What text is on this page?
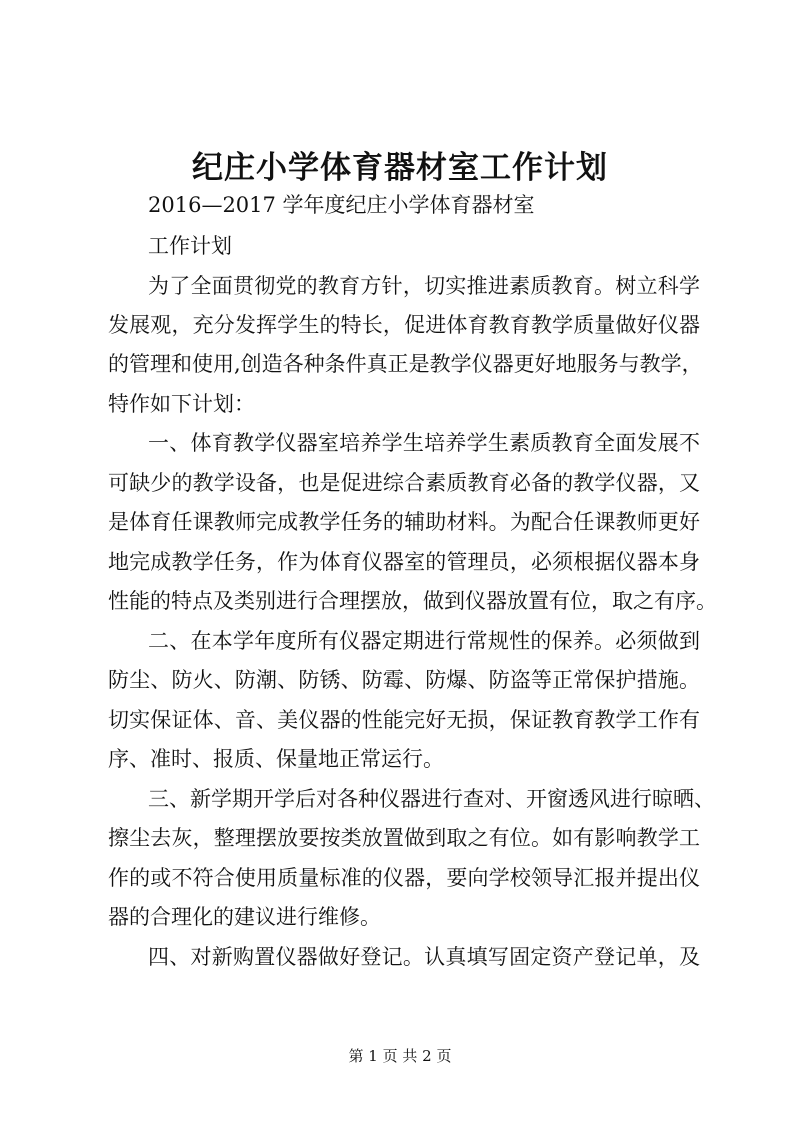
纪庄小学体育器材室工作计划
2016—2017 学年度纪庄小学体育器材室
工作计划
为了全面贯彻党的教育方针，切实推进素质教育。树立科学
发展观，充分发挥学生的特长，促进体育教育教学质量做好仪器
的管理和使用,创造各种条件真正是教学仪器更好地服务与教学，
特作如下计划：
一、体育教学仪器室培养学生培养学生素质教育全面发展不
可缺少的教学设备，也是促进综合素质教育必备的教学仪器，又
是体育任课教师完成教学任务的辅助材料。为配合任课教师更好
地完成教学任务，作为体育仪器室的管理员，必须根据仪器本身
性能的特点及类别进行合理摆放，做到仪器放置有位，取之有序。
二、在本学年度所有仪器定期进行常规性的保养。必须做到
防尘、防火、防潮、防锈、防霉、防爆、防盗等正常保护措施。
切实保证体、音、美仪器的性能完好无损，保证教育教学工作有
序、准时、报质、保量地正常运行。
三、新学期开学后对各种仪器进行查对、开窗透风进行晾晒、
擦尘去灰，整理摆放要按类放置做到取之有位。如有影响教学工
作的或不符合使用质量标准的仪器，要向学校领导汇报并提出仪
器的合理化的建议进行维修。
四、对新购置仪器做好登记。认真填写固定资产登记单，及
第 1 页 共 2 页
